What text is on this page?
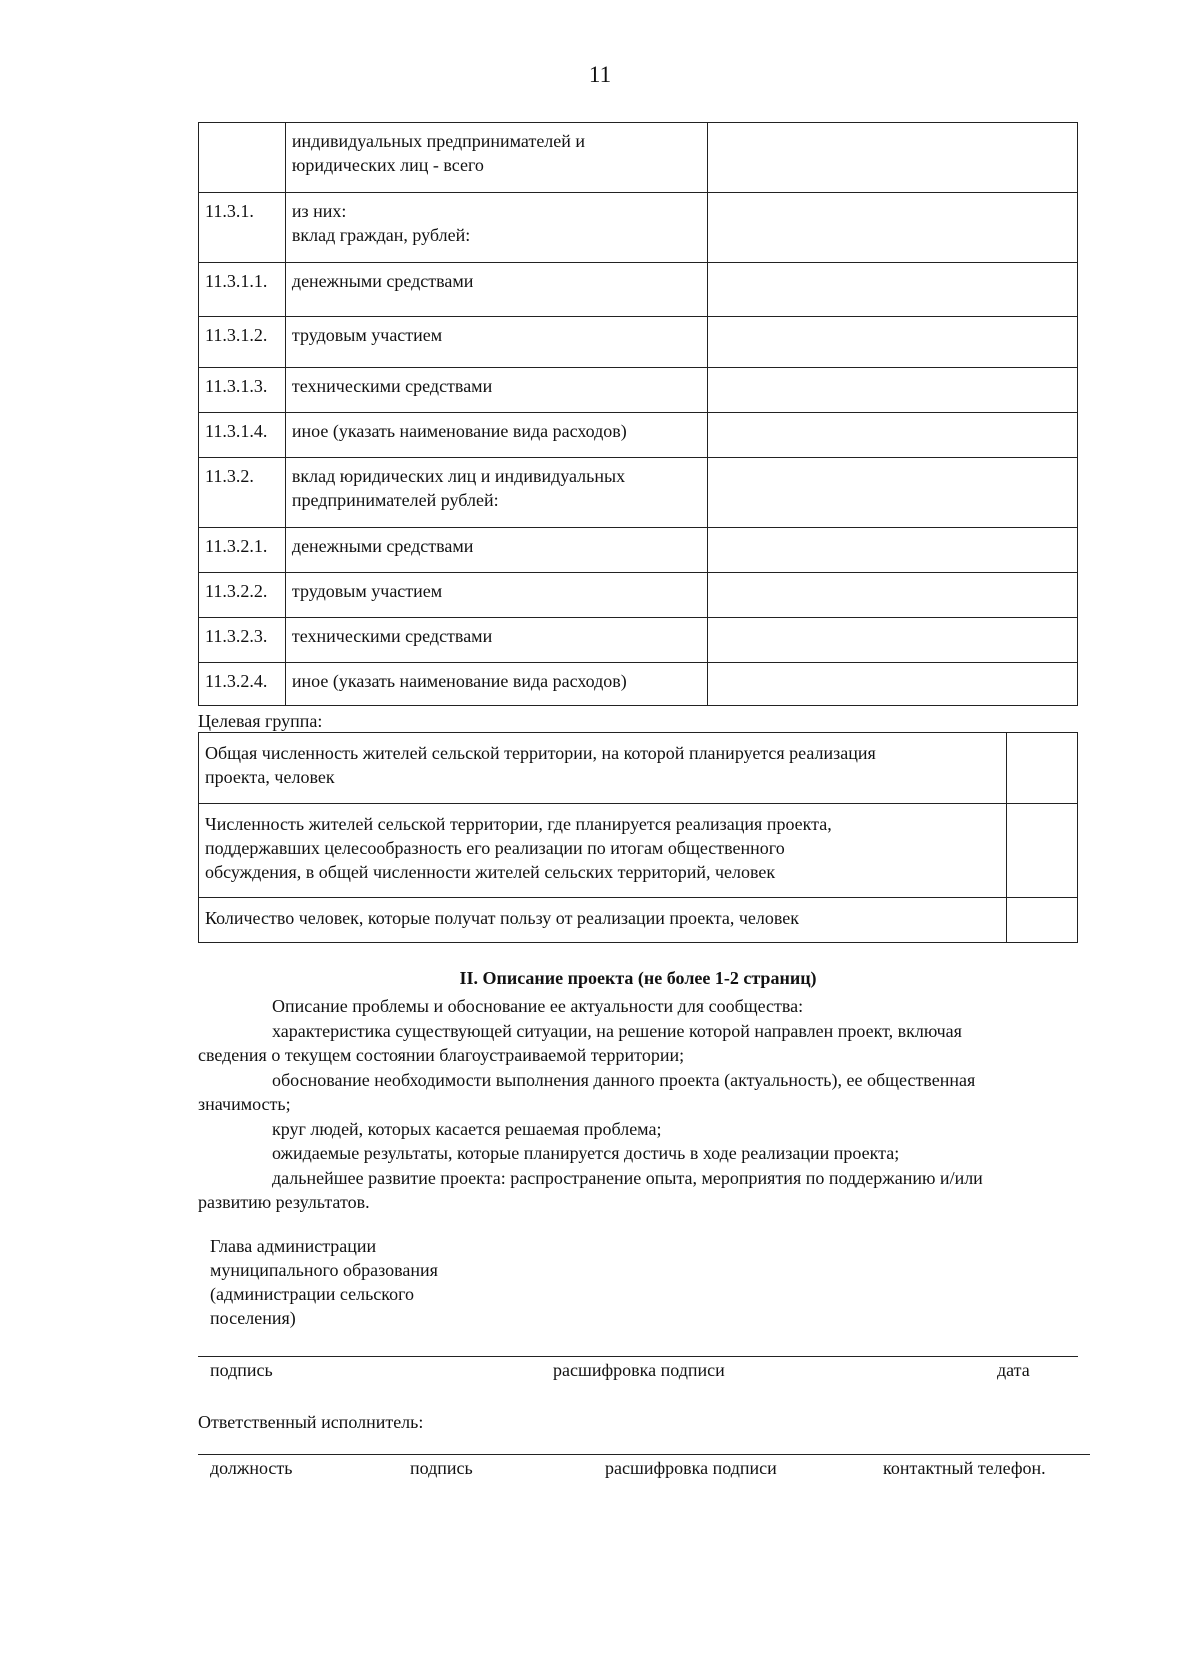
11

	индивидуальных предпринимателей и
юридических лиц - всего	

11.3.1.	из них:
вклад граждан, рублей:	

11.3.1.1.	денежными средствами	

11.3.1.2.	трудовым участием	

11.3.1.3.	техническими средствами	

11.3.1.4.	иное (указать наименование вида расходов)	

11.3.2.	вклад юридических лиц и индивидуальных
предпринимателей рублей:	

11.3.2.1.	денежными средствами	

11.3.2.2.	трудовым участием	

11.3.2.3.	техническими средствами	

11.3.2.4.	иное (указать наименование вида расходов)	

Целевая группа:
Общая численность жителей сельской территории, на которой планируется реализация
проекта, человек	

Численность жителей сельской территории, где планируется реализация проекта,
поддержавших целесообразность его реализации по итогам общественного
обсуждения, в общей численности жителей сельских территорий, человек	

Количество человек, которые получат пользу от реализации проекта, человек	

II. Описание проекта (не более 1-2 страниц)
Описание проблемы и обоснование ее актуальности для сообщества:
характеристика существующей ситуации, на решение которой направлен проект, включая
сведения о текущем состоянии благоустраиваемой территории;
обоснование необходимости выполнения данного проекта (актуальность), ее общественная
значимость;
круг людей, которых касается решаемая проблема;
ожидаемые результаты, которые планируется достичь в ходе реализации проекта;
дальнейшее развитие проекта: распространение опыта, мероприятия по поддержанию и/или
развитию результатов.
Глава администрации
муниципального образования
(администрации сельского
поселения)
подпись	расшифровка подписи	дата
Ответственный исполнитель:
должность	подпись	расшифровка подписи	контактный телефон.
